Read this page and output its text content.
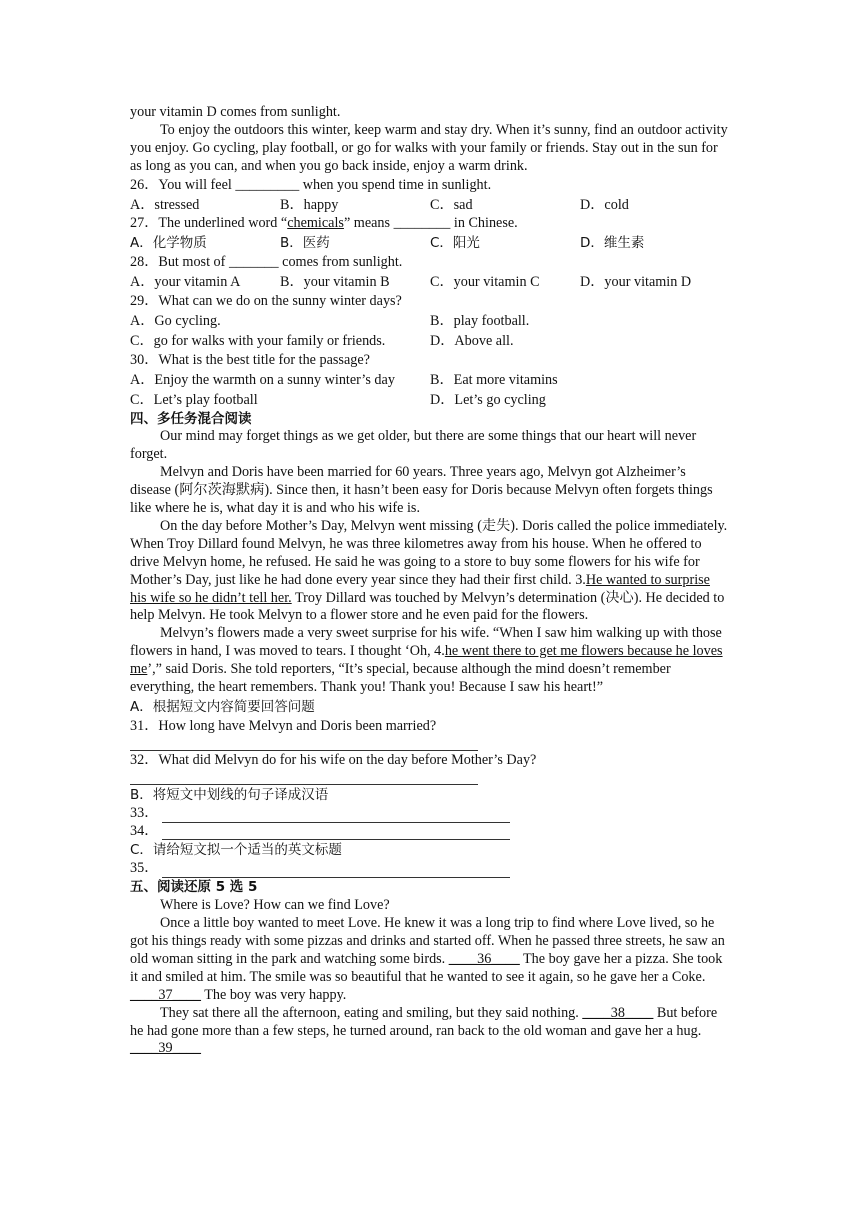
your vitamin D comes from sunlight.

To enjoy the outdoors this winter, keep warm and stay dry. When it’s sunny, find an outdoor activity you enjoy. Go cycling, play football, or go for walks with your family or friends. Stay out in the sun for as long as you can, and when you go back inside, enjoy a warm drink.

26．You will feel _________ when you spend time in sunlight.

A．stressed	B．happy	C．sad	D．cold

27．The underlined word “chemicals” means ________ in Chinese.

A．化学物质	B．医药	C．阳光	D．维生素

28．But most of _______ comes from sunlight.

A．your vitamin A	B．your vitamin B	C．your vitamin C	D．your vitamin D

29．What can we do on the sunny winter days?

A．Go cycling.	B．play football.
C．go for walks with your family or friends.	D．Above all.

30．What is the best title for the passage?

A．Enjoy the warmth on a sunny winter’s day	B．Eat more vitamins
C．Let’s play football	D．Let’s go cycling

四、多任务混合阅读

Our mind may forget things as we get older, but there are some things that our heart will never forget.

Melvyn and Doris have been married for 60 years. Three years ago, Melvyn got Alzheimer’s disease (阿尔茨海默病). Since then, it hasn’t been easy for Doris because Melvyn often forgets things like where he is, what day it is and who his wife is.

On the day before Mother’s Day, Melvyn went missing (走失). Doris called the police immediately. When Troy Dillard found Melvyn, he was three kilometres away from his house. When he offered to drive Melvyn home, he refused. He said he was going to a store to buy some flowers for his wife for Mother’s Day, just like he had done every year since they had their first child. 3.He wanted to surprise his wife so he didn’t tell her. Troy Dillard was touched by Melvyn’s determination (决心). He decided to help Melvyn. He took Melvyn to a flower store and he even paid for the flowers.

Melvyn’s flowers made a very sweet surprise for his wife. “When I saw him walking up with those flowers in hand, I was moved to tears. I thought ‘Oh, 4.he went there to get me flowers because he loves me’,” said Doris. She told reporters, “It’s special, because although the mind doesn’t remember everything, the heart remembers. Thank you! Thank you! Because I saw his heart!”

A．根据短文内容简要回答问题

31．How long have Melvyn and Doris been married?

32．What did Melvyn do for his wife on the day before Mother’s Day?

B．将短文中划线的句子译成汉语

33．
34．

C．请给短文拟一个适当的英文标题

35．

五、阅读还原 5 选 5

Where is Love? How can we find Love?

Once a little boy wanted to meet Love. He knew it was a long trip to find where Love lived, so he got his things ready with some pizzas and drinks and started off. When he passed three streets, he saw an old woman sitting in the park and watching some birds. ____36____ The boy gave her a pizza. She took it and smiled at him. The smile was so beautiful that he wanted to see it again, so he gave her a Coke. ____37____ The boy was very happy.

They sat there all the afternoon, eating and smiling, but they said nothing. ____38____ But before he had gone more than a few steps, he turned around, ran back to the old woman and gave her a hug. ____39____
